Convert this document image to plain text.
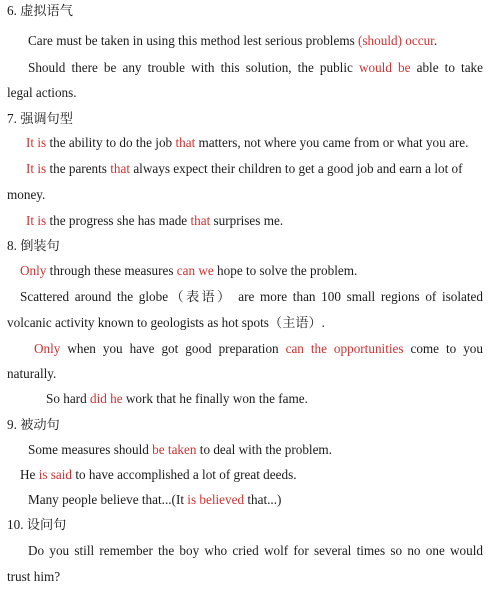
6. 虚拟语气
Care must be taken in using this method lest serious problems (should) occur.
Should there be any trouble with this solution, the public would be able to take
legal actions.
7. 强调句型
It is the ability to do the job that matters, not where you came from or what you are.
It is the parents that always expect their children to get a good job and earn a lot of
money.
It is the progress she has made that surprises me.
8. 倒装句
Only through these measures can we hope to solve the problem.
Scattered around the globe（表语） are more than 100 small regions of isolated
volcanic activity known to geologists as hot spots（主语）.
Only when you have got good preparation can the opportunities come to you
naturally.
So hard did he work that he finally won the fame.
9. 被动句
Some measures should be taken to deal with the problem.
He is said to have accomplished a lot of great deeds.
Many people believe that...(It is believed that...)
10. 设问句
Do you still remember the boy who cried wolf for several times so no one would
trust him?
